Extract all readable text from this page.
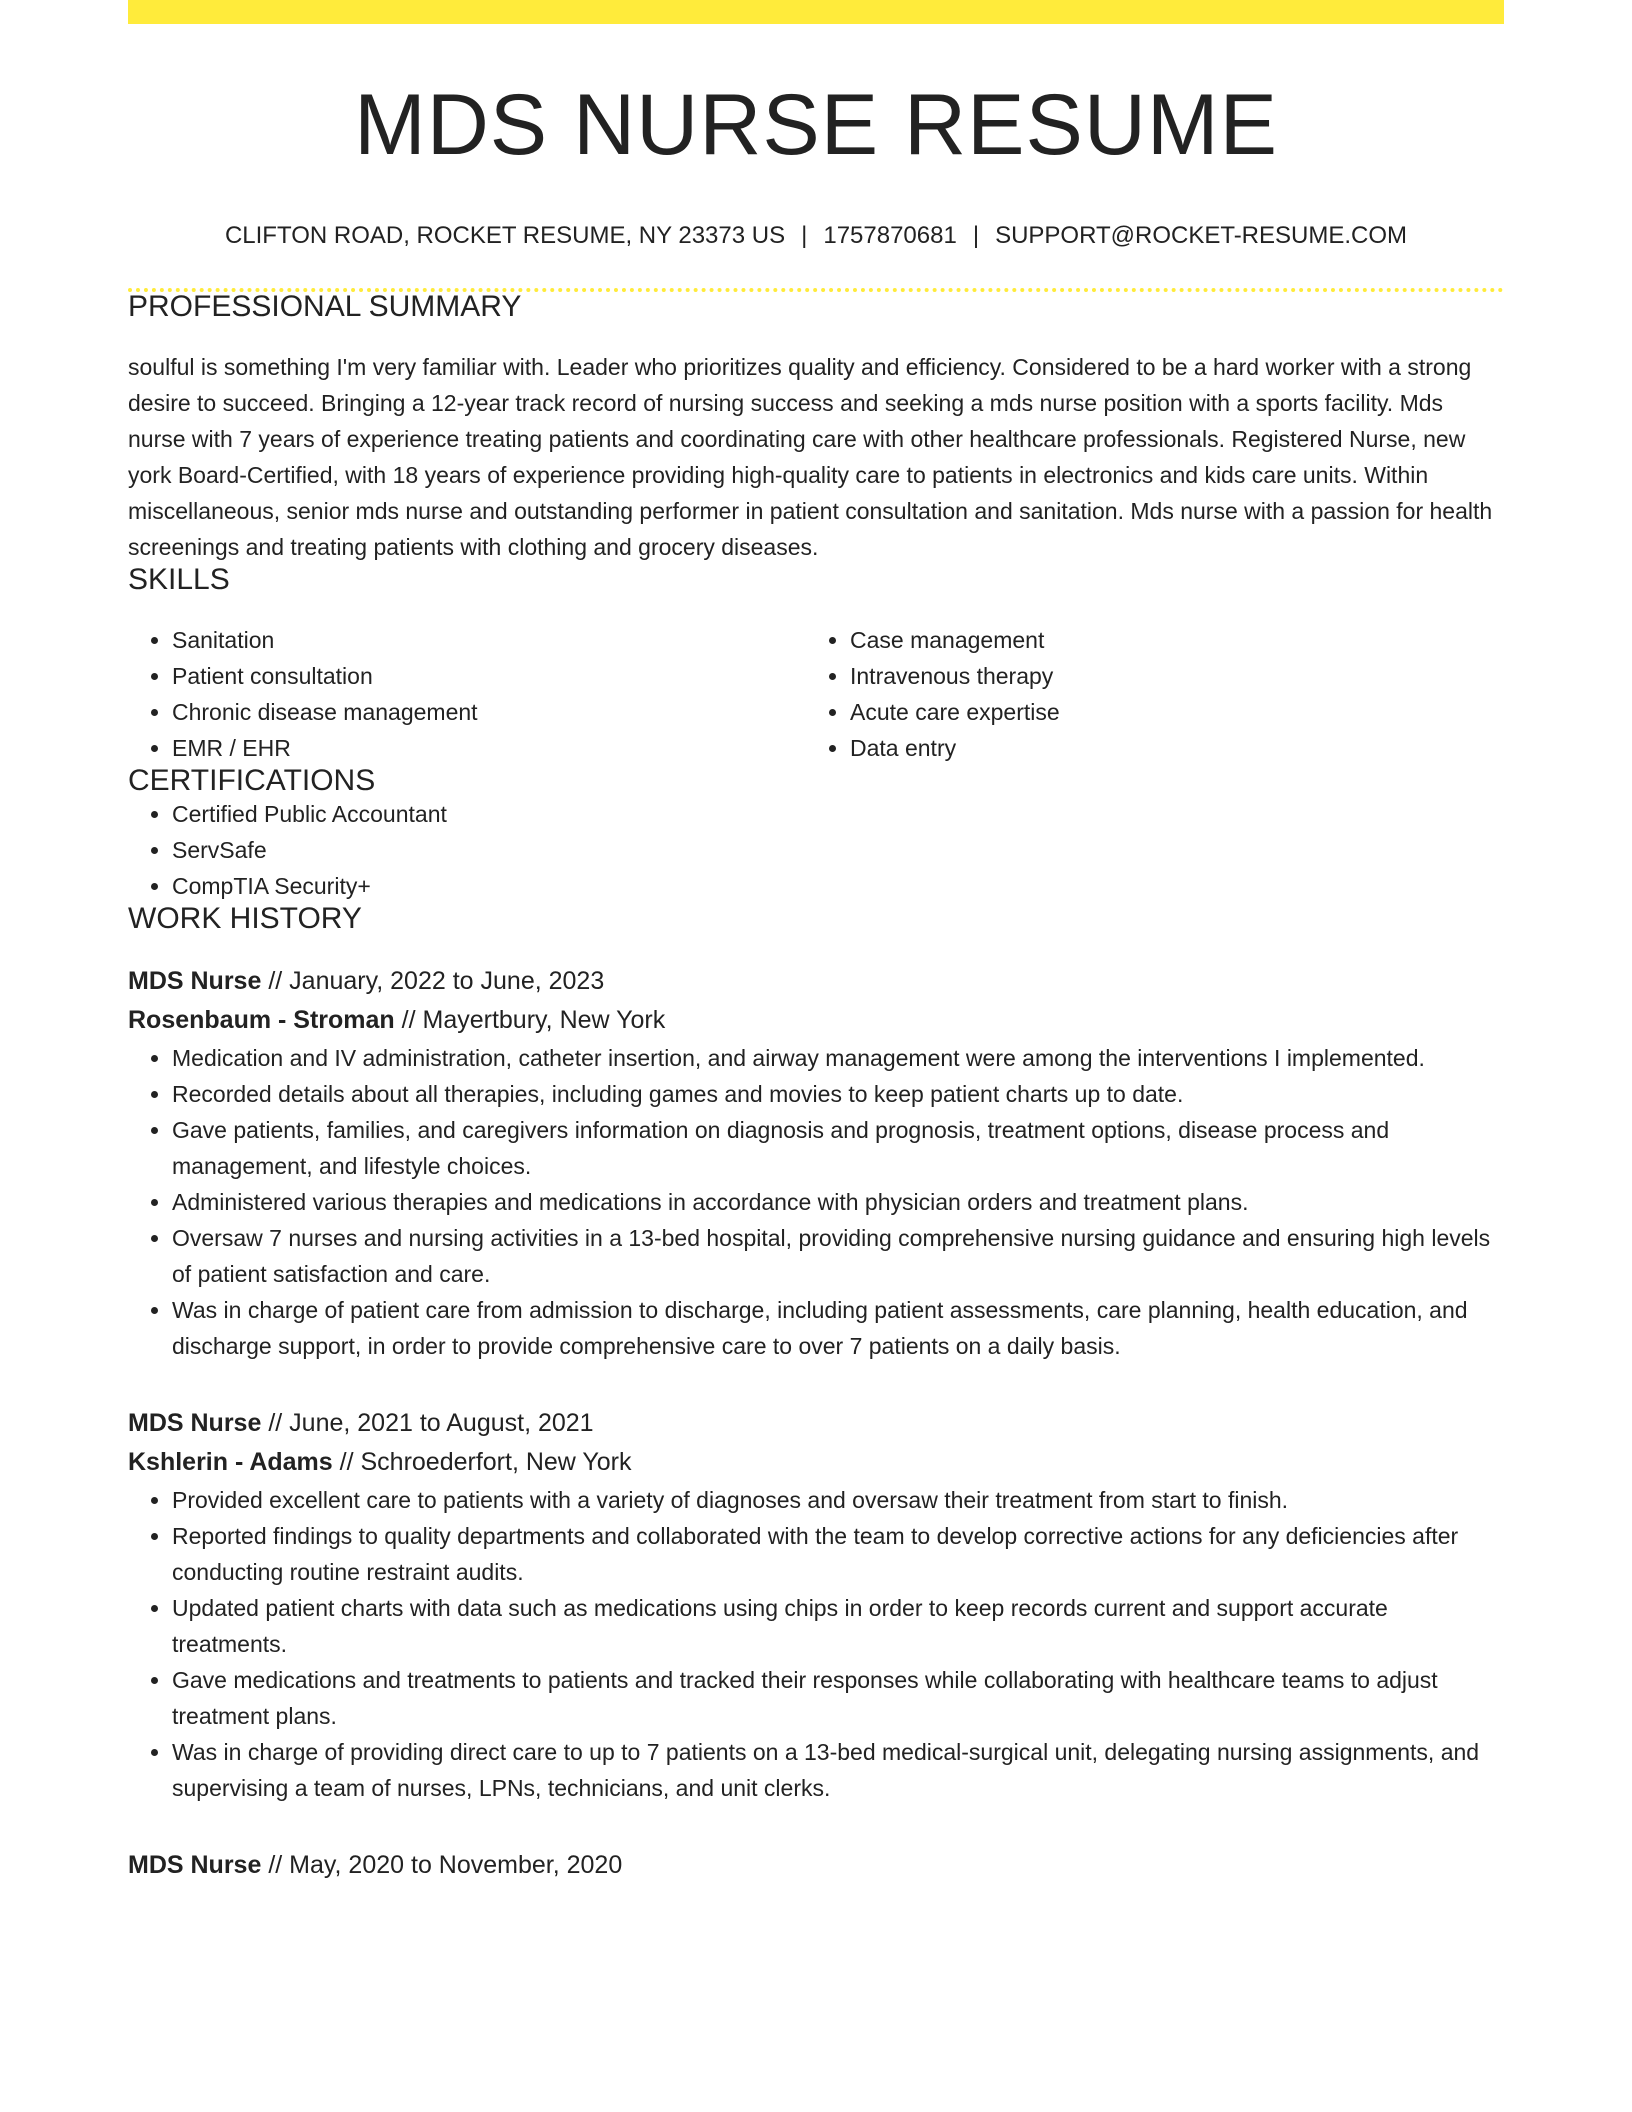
MDS NURSE RESUME
CLIFTON ROAD, ROCKET RESUME, NY 23373 US | 1757870681 | SUPPORT@ROCKET-RESUME.COM
PROFESSIONAL SUMMARY

soulful is something I'm very familiar with. Leader who prioritizes quality and efficiency. Considered to be a hard worker with a strong desire to succeed. Bringing a 12-year track record of nursing success and seeking a mds nurse position with a sports facility. Mds nurse with 7 years of experience treating patients and coordinating care with other healthcare professionals. Registered Nurse, new york Board-Certified, with 18 years of experience providing high-quality care to patients in electronics and kids care units. Within miscellaneous, senior mds nurse and outstanding performer in patient consultation and sanitation. Mds nurse with a passion for health screenings and treating patients with clothing and grocery diseases.

SKILLS
• Sanitation
• Patient consultation
• Chronic disease management
• EMR / EHR
• Case management
• Intravenous therapy
• Acute care expertise
• Data entry
CERTIFICATIONS
• Certified Public Accountant
• ServSafe
• CompTIA Security+
WORK HISTORY
MDS Nurse // January, 2022 to June, 2023
Rosenbaum - Stroman // Mayertbury, New York
• Medication and IV administration, catheter insertion, and airway management were among the interventions I implemented.
• Recorded details about all therapies, including games and movies to keep patient charts up to date.
• Gave patients, families, and caregivers information on diagnosis and prognosis, treatment options, disease process and management, and lifestyle choices.
• Administered various therapies and medications in accordance with physician orders and treatment plans.
• Oversaw 7 nurses and nursing activities in a 13-bed hospital, providing comprehensive nursing guidance and ensuring high levels of patient satisfaction and care.
• Was in charge of patient care from admission to discharge, including patient assessments, care planning, health education, and discharge support, in order to provide comprehensive care to over 7 patients on a daily basis.
MDS Nurse // June, 2021 to August, 2021
Kshlerin - Adams // Schroederfort, New York
• Provided excellent care to patients with a variety of diagnoses and oversaw their treatment from start to finish.
• Reported findings to quality departments and collaborated with the team to develop corrective actions for any deficiencies after conducting routine restraint audits.
• Updated patient charts with data such as medications using chips in order to keep records current and support accurate treatments.
• Gave medications and treatments to patients and tracked their responses while collaborating with healthcare teams to adjust treatment plans.
• Was in charge of providing direct care to up to 7 patients on a 13-bed medical-surgical unit, delegating nursing assignments, and supervising a team of nurses, LPNs, technicians, and unit clerks.
MDS Nurse // May, 2020 to November, 2020
